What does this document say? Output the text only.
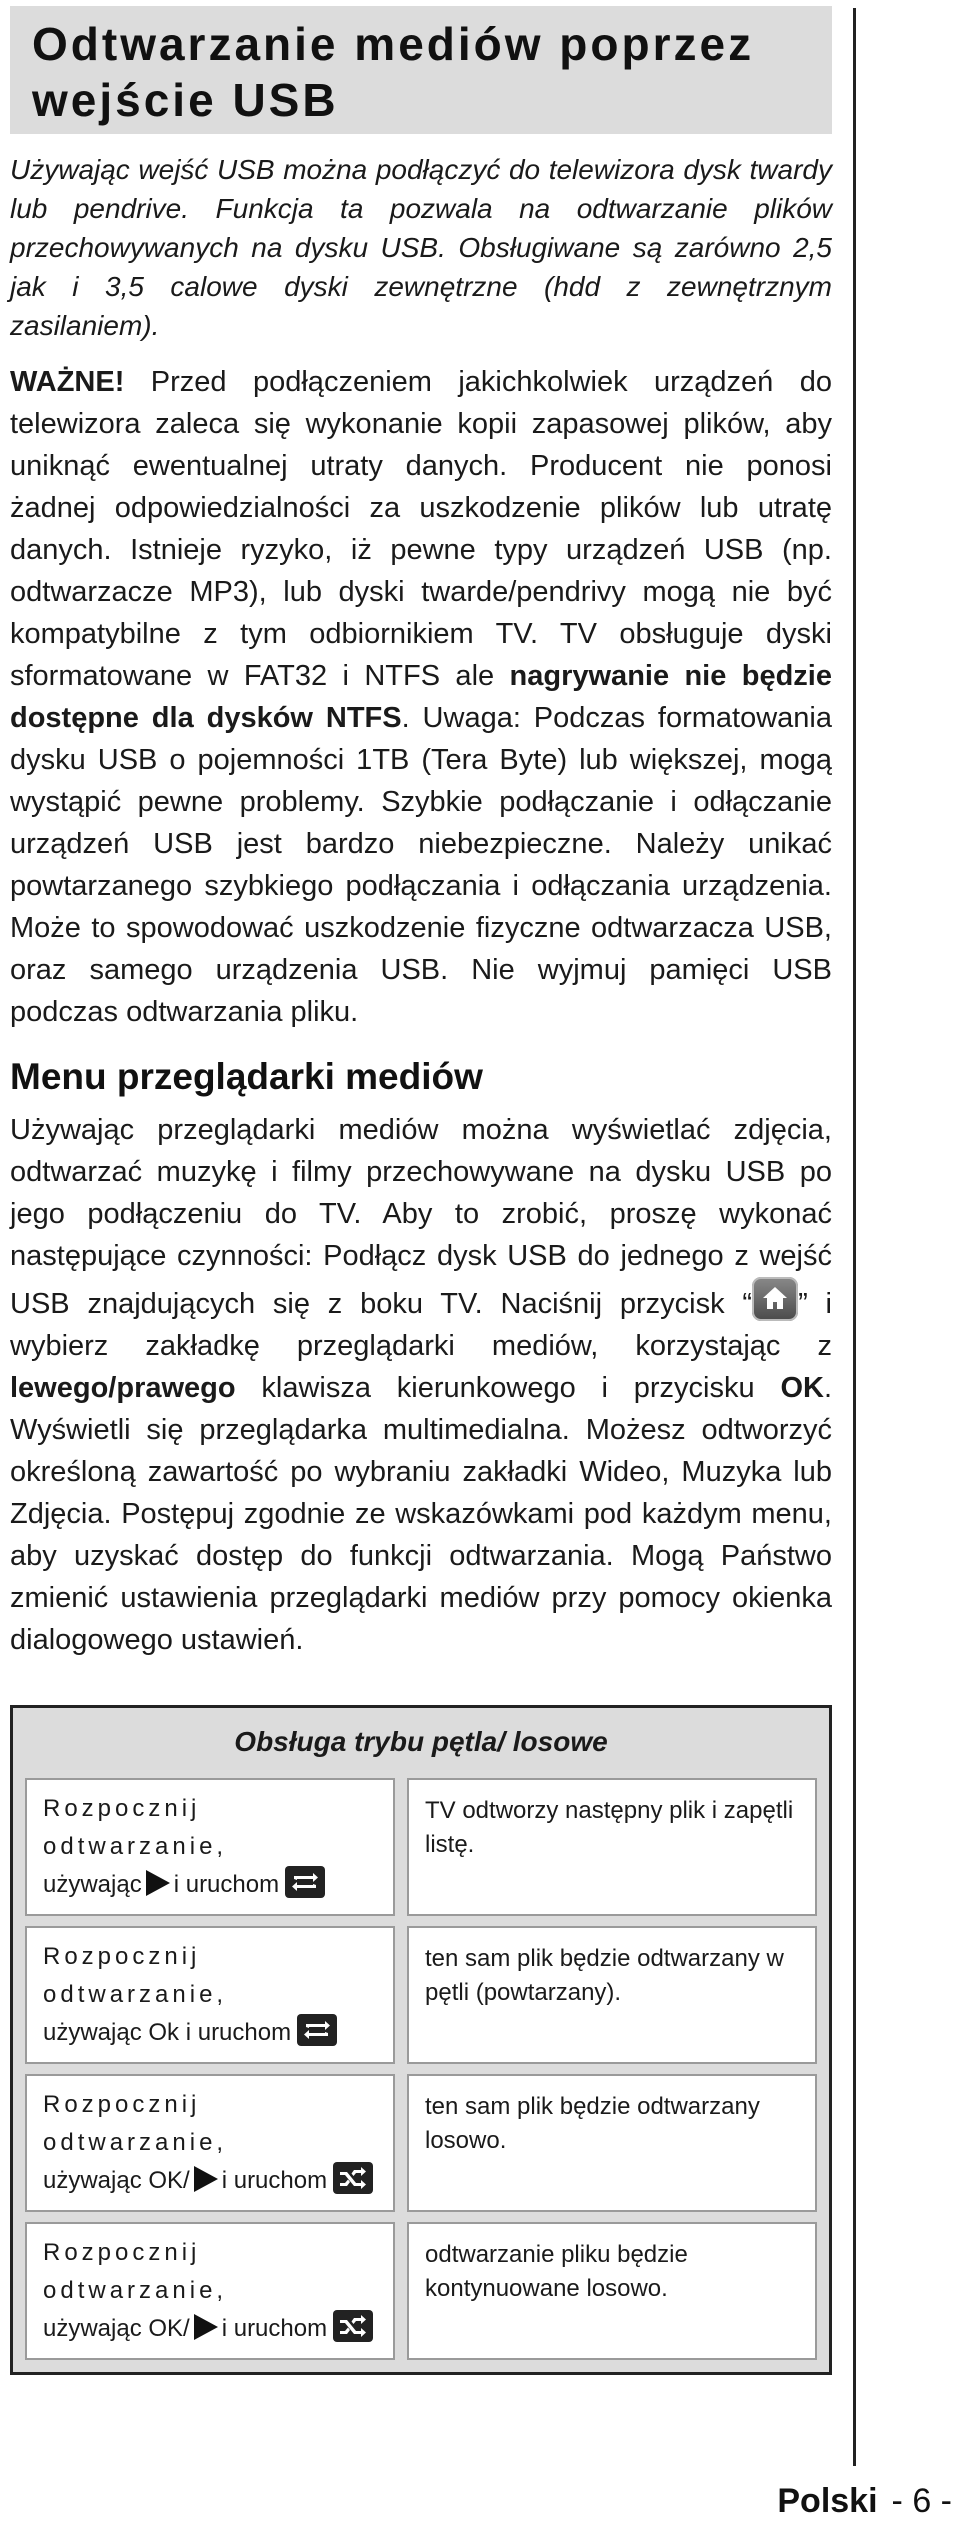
Odtwarzanie mediów poprzez wejście USB

Używając wejść USB można podłączyć do telewizora dysk twardy lub pendrive. Funkcja ta pozwala na odtwarzanie plików przechowywanych na dysku USB. Obsługiwane są zarówno 2,5 jak i 3,5 calowe dyski zewnętrzne (hdd z zewnętrznym zasilaniem).

WAŻNE! Przed podłączeniem jakichkolwiek urządzeń do telewizora zaleca się wykonanie kopii zapasowej plików, aby uniknąć ewentualnej utraty danych. Producent nie ponosi żadnej odpowiedzialności za uszkodzenie plików lub utratę danych. Istnieje ryzyko, iż pewne typy urządzeń USB (np. odtwarzacze MP3), lub dyski twarde/pendrivy mogą nie być kompatybilne z tym odbiornikiem TV. TV obsługuje dyski sformatowane w FAT32 i NTFS ale nagrywanie nie będzie dostępne dla dysków NTFS. Uwaga: Podczas formatowania dysku USB o pojemności 1TB (Tera Byte) lub większej, mogą wystąpić pewne problemy. Szybkie podłączanie i odłączanie urządzeń USB jest bardzo niebezpieczne. Należy unikać powtarzanego szybkiego podłączania i odłączania urządzenia. Może to spowodować uszkodzenie fizyczne odtwarzacza USB, oraz samego urządzenia USB. Nie wyjmuj pamięci USB podczas odtwarzania pliku.

Menu przeglądarki mediów

Używając przeglądarki mediów można wyświetlać zdjęcia, odtwarzać muzykę i filmy przechowywane na dysku USB po jego podłączeniu do TV. Aby to zrobić, proszę wykonać następujące czynności: Podłącz dysk USB do jednego z wejść USB znajdujących się z boku TV. Naciśnij przycisk “ ” i wybierz zakładkę przeglądarki mediów, korzystając z lewego/prawego klawisza kierunkowego i przycisku OK. Wyświetli się przeglądarka multimedialna. Możesz odtworzyć określoną zawartość po wybraniu zakładki Wideo, Muzyka lub Zdjęcia. Postępuj zgodnie ze wskazówkami pod każdym menu, aby uzyskać dostęp do funkcji odtwarzania. Mogą Państwo zmienić ustawienia przeglądarki mediów przy pomocy okienka dialogowego ustawień.

Obsługa trybu pętla/ losowe
Rozpocznij odtwarzanie,
używając i uruchom
TV odtworzy następny plik i zapętli listę.
Rozpocznij odtwarzanie,
używając Ok i uruchom
ten sam plik będzie odtwarzany w pętli (powtarzany).
Rozpocznij odtwarzanie,
używając OK/ i uruchom
ten sam plik będzie odtwarzany losowo.
Rozpocznij odtwarzanie,
używając OK/ i uruchom
odtwarzanie pliku będzie kontynuowane losowo.
Polski - 6 -
